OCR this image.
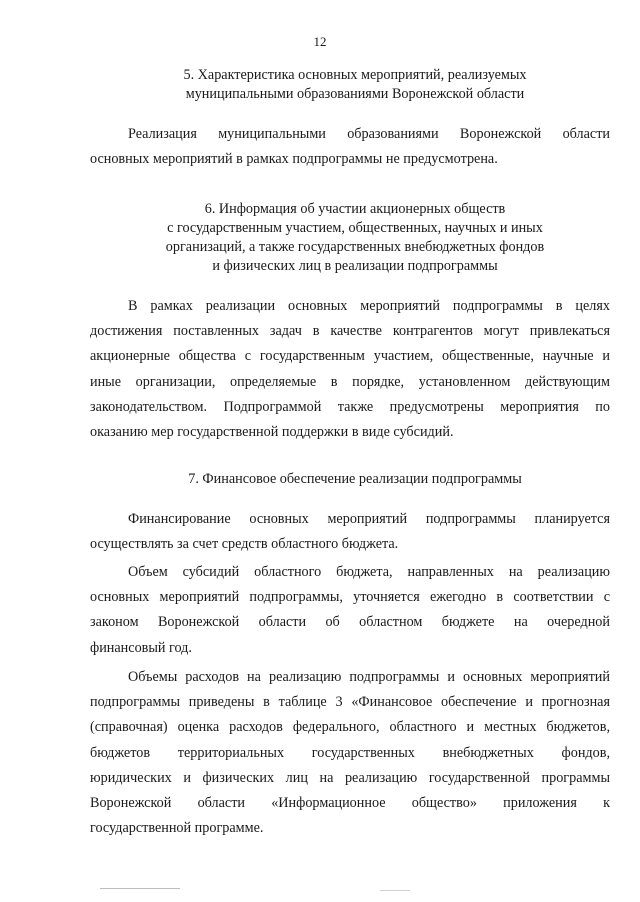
12
5. Характеристика основных мероприятий, реализуемых
муниципальными образованиями Воронежской области
Реализация муниципальными образованиями Воронежской области
основных мероприятий в рамках подпрограммы не предусмотрена.
6. Информация об участии акционерных обществ
с государственным участием, общественных, научных и иных
организаций, а также государственных внебюджетных фондов
и физических лиц в реализации подпрограммы
В рамках реализации основных мероприятий подпрограммы в целях
достижения поставленных задач в качестве контрагентов могут привлекаться
акционерные общества с государственным участием, общественные, научные и
иные организации, определяемые в порядке, установленном действующим
законодательством. Подпрограммой также предусмотрены мероприятия по
оказанию мер государственной поддержки в виде субсидий.
7. Финансовое обеспечение реализации подпрограммы
Финансирование основных мероприятий подпрограммы планируется
осуществлять за счет средств областного бюджета.
Объем субсидий областного бюджета, направленных на реализацию
основных мероприятий подпрограммы, уточняется ежегодно в соответствии с
законом Воронежской области об областном бюджете на очередной
финансовый год.
Объемы расходов на реализацию подпрограммы и основных мероприятий
подпрограммы приведены в таблице 3 «Финансовое обеспечение и прогнозная
(справочная) оценка расходов федерального, областного и местных бюджетов,
бюджетов территориальных государственных внебюджетных фондов,
юридических и физических лиц на реализацию государственной программы
Воронежской области «Информационное общество» приложения к
государственной программе.
